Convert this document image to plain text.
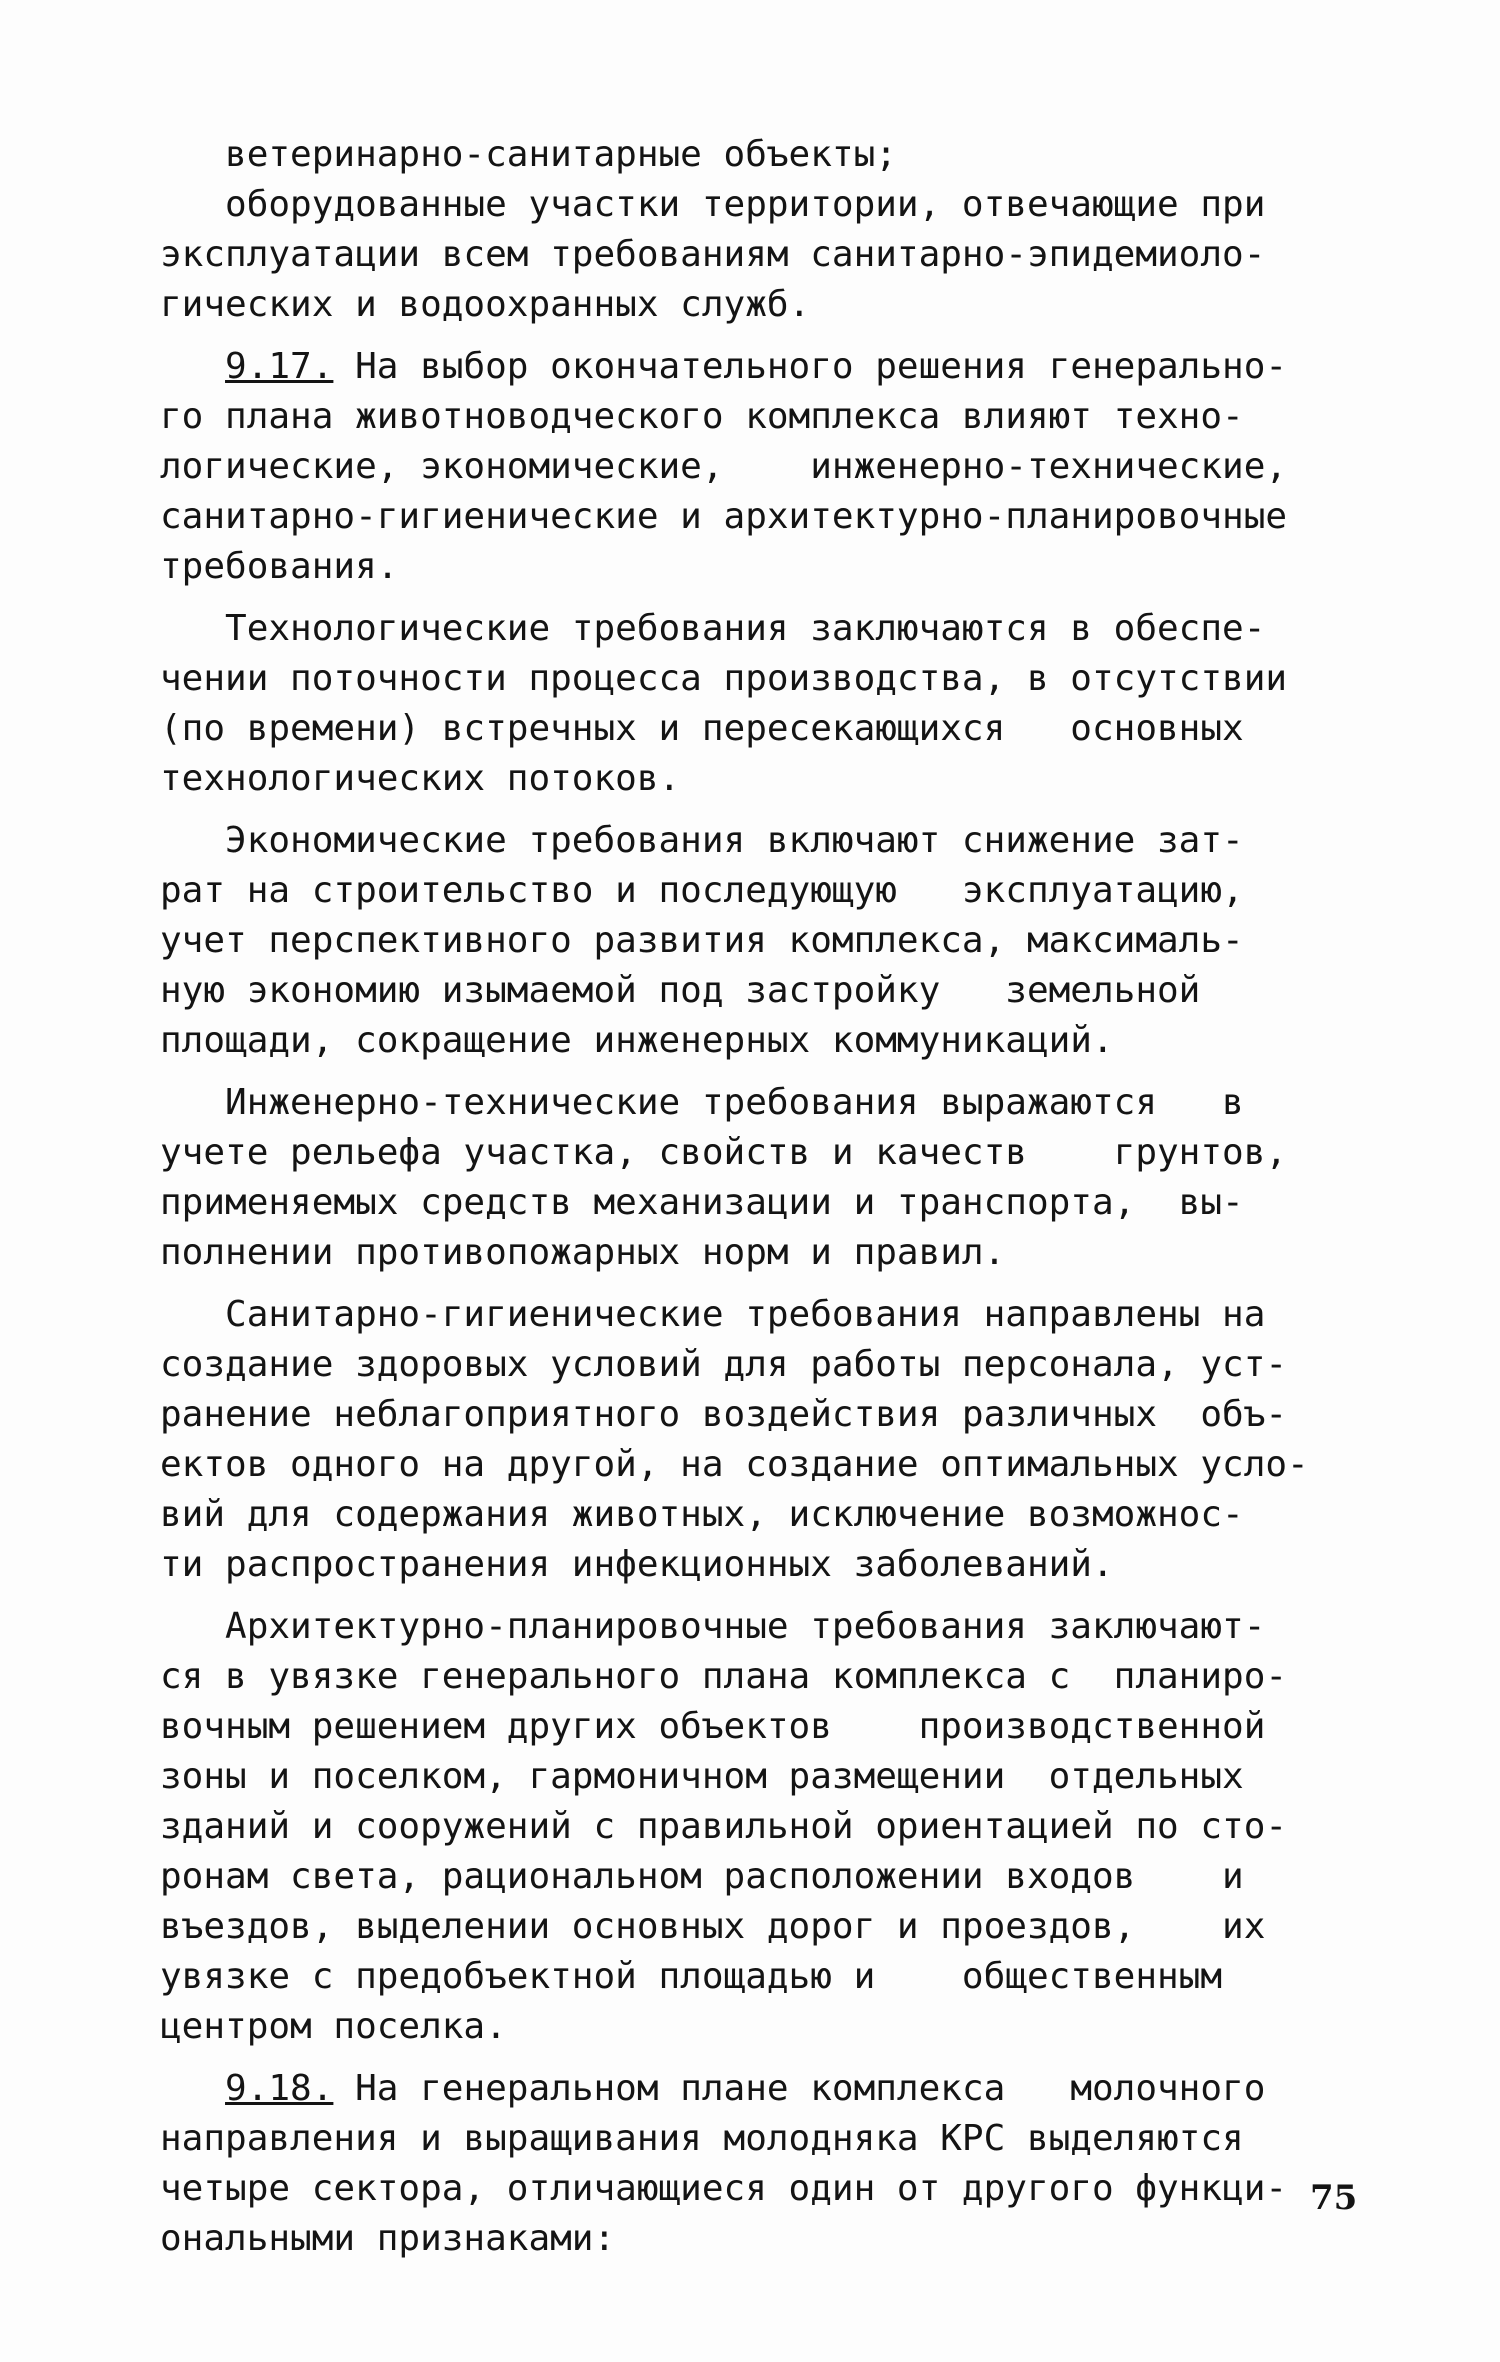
ветеринарно-санитарные объекты;
оборудованные участки территории, отвечающие при
эксплуатации всем требованиям санитарно-эпидемиоло-
гических и водоохранных служб.
9.17. На выбор окончательного решения генерально-
го плана животноводческого комплекса влияют техно-
логические, экономические,    инженерно-технические,
санитарно-гигиенические и архитектурно-планировочные
требования.
Технологические требования заключаются в обеспе-
чении поточности процесса производства, в отсутствии
(по времени) встречных и пересекающихся   основных
технологических потоков.
Экономические требования включают снижение зат-
рат на строительство и последующую   эксплуатацию,
учет перспективного развития комплекса, максималь-
ную экономию изымаемой под застройку   земельной
площади, сокращение инженерных коммуникаций.
Инженерно-технические требования выражаются   в
учете рельефа участка, свойств и качеств    грунтов,
применяемых средств механизации и транспорта,  вы-
полнении противопожарных норм и правил.
Санитарно-гигиенические требования направлены на
создание здоровых условий для работы персонала, уст-
ранение неблагоприятного воздействия различных  объ-
ектов одного на другой, на создание оптимальных усло-
вий для содержания животных, исключение возможнос-
ти распространения инфекционных заболеваний.
Архитектурно-планировочные требования заключают-
ся в увязке генерального плана комплекса с  планиро-
вочным решением других объектов    производственной
зоны и поселком, гармоничном размещении  отдельных
зданий и сооружений с правильной ориентацией по сто-
ронам света, рациональном расположении входов    и
въездов, выделении основных дорог и проездов,    их
увязке с предобъектной площадью и    общественным
центром поселка.
9.18. На генеральном плане комплекса   молочного
направления и выращивания молодняка КРС выделяются
четыре сектора, отличающиеся один от другого функци-
ональными признаками:
75
